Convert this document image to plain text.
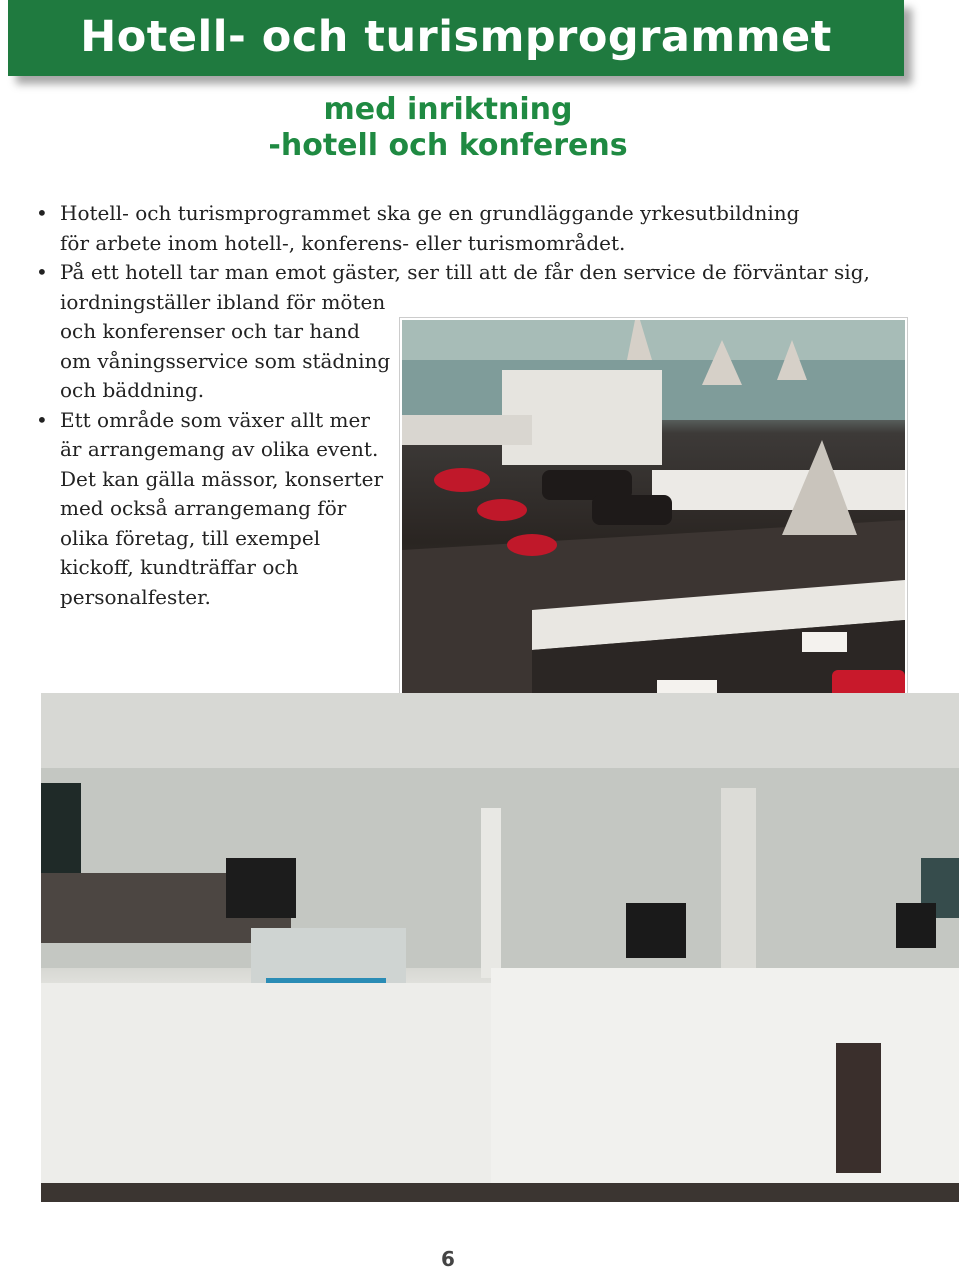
Hotell- och turismprogrammet
med inriktning
-hotell och konferens
• Hotell- och turismprogrammet ska ge en grundläggande yrkesutbildning
för arbete inom hotell-, konferens- eller turismområdet.
• På ett hotell tar man emot gäster, ser till att de får den service de förväntar sig,
iordningställer ibland för möten
och konferenser och tar hand
om våningsservice som städning
och bäddning.
• Ett område som växer allt mer
är arrangemang av olika event.
Det kan gälla mässor, konserter
med också arrangemang för
olika företag, till exempel
kickoff, kundträffar och
personalfester.
6
